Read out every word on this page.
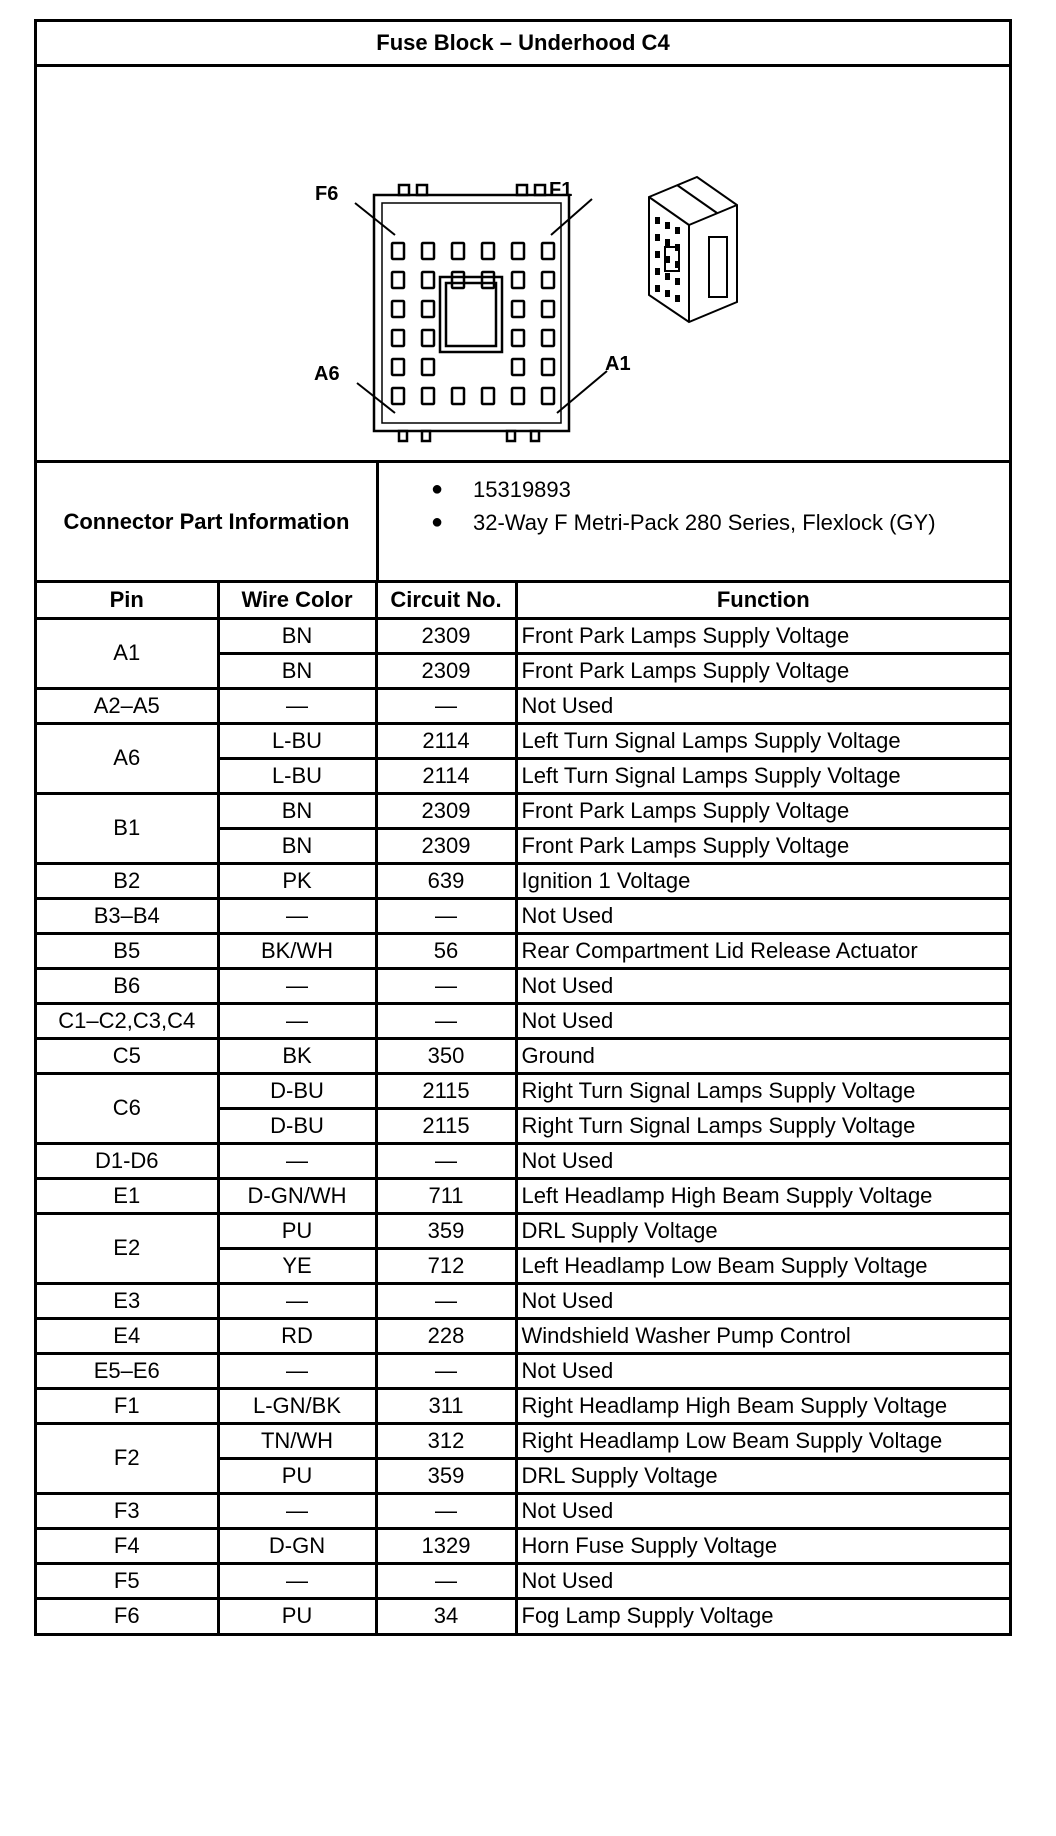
Fuse Block – Underhood C4
F6	F1
A6	A1
Connector Part Information
●	15319893
●	32-Way F Metri-Pack 280 Series, Flexlock (GY)
Pin	Wire Color	Circuit No.	Function
A1	BN	2309	Front Park Lamps Supply Voltage
	BN	2309	Front Park Lamps Supply Voltage
A2–A5	—	—	Not Used
A6	L-BU	2114	Left Turn Signal Lamps Supply Voltage
	L-BU	2114	Left Turn Signal Lamps Supply Voltage
B1	BN	2309	Front Park Lamps Supply Voltage
	BN	2309	Front Park Lamps Supply Voltage
B2	PK	639	Ignition 1 Voltage
B3–B4	—	—	Not Used
B5	BK/WH	56	Rear Compartment Lid Release Actuator
B6	—	—	Not Used
C1–C2,C3,C4	—	—	Not Used
C5	BK	350	Ground
C6	D-BU	2115	Right Turn Signal Lamps Supply Voltage
	D-BU	2115	Right Turn Signal Lamps Supply Voltage
D1-D6	—	—	Not Used
E1	D-GN/WH	711	Left Headlamp High Beam Supply Voltage
E2	PU	359	DRL Supply Voltage
	YE	712	Left Headlamp Low Beam Supply Voltage
E3	—	—	Not Used
E4	RD	228	Windshield Washer Pump Control
E5–E6	—	—	Not Used
F1	L-GN/BK	311	Right Headlamp High Beam Supply Voltage
F2	TN/WH	312	Right Headlamp Low Beam Supply Voltage
	PU	359	DRL Supply Voltage
F3	—	—	Not Used
F4	D-GN	1329	Horn Fuse Supply Voltage
F5	—	—	Not Used
F6	PU	34	Fog Lamp Supply Voltage
